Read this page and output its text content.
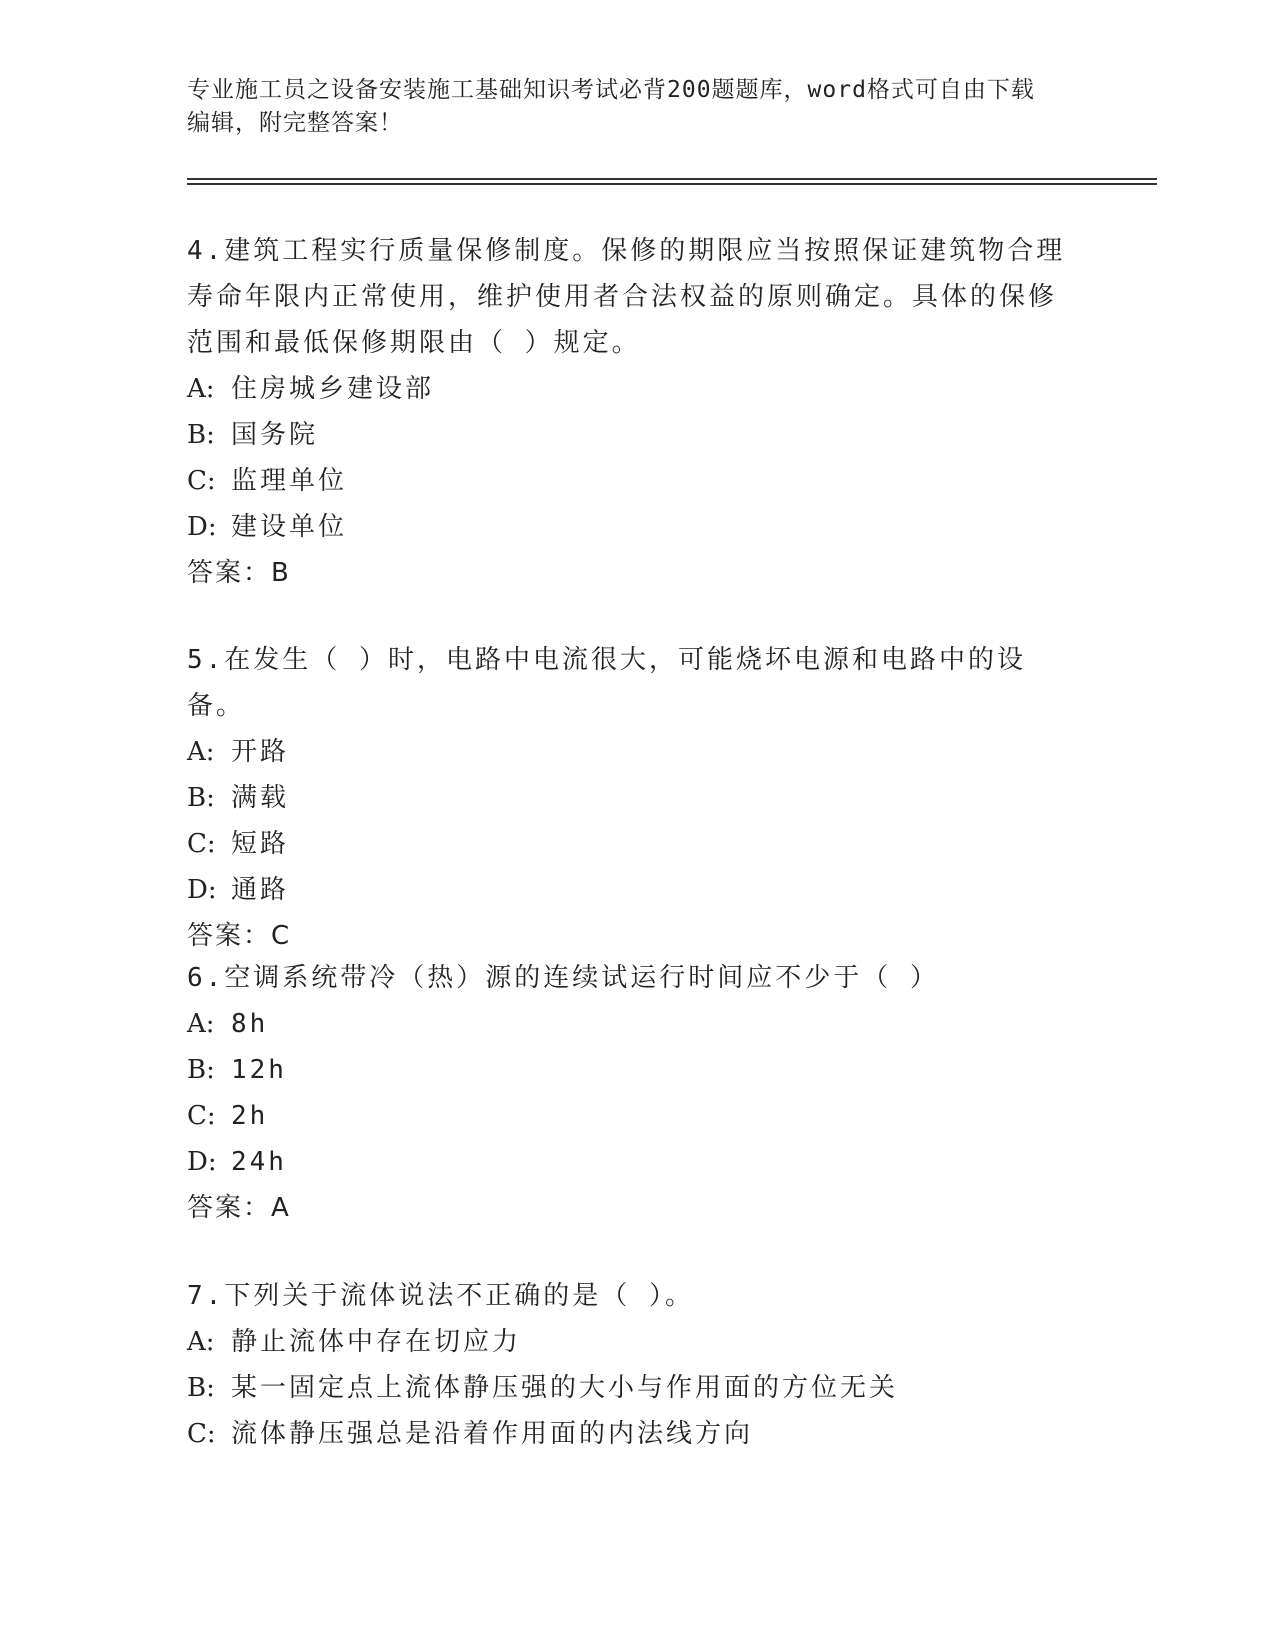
专业施工员之设备安装施工基础知识考试必背200题题库，word格式可自由下载
编辑，附完整答案！

4.建筑工程实行质量保修制度。保修的期限应当按照保证建筑物合理寿命年限内正常使用，维护使用者合法权益的原则确定。具体的保修范围和最低保修期限由（ ）规定。

A: 住房城乡建设部
B: 国务院
C: 监理单位
D: 建设单位
答案：B

5.在发生（ ）时，电路中电流很大，可能烧坏电源和电路中的设备。

A: 开路
B: 满载
C: 短路
D: 通路
答案：C

6.空调系统带冷（热）源的连续试运行时间应不少于（ ）

A: 8h
B: 12h
C: 2h
D: 24h
答案：A

7.下列关于流体说法不正确的是（ ）。

A: 静止流体中存在切应力
B: 某一固定点上流体静压强的大小与作用面的方位无关
C: 流体静压强总是沿着作用面的内法线方向
